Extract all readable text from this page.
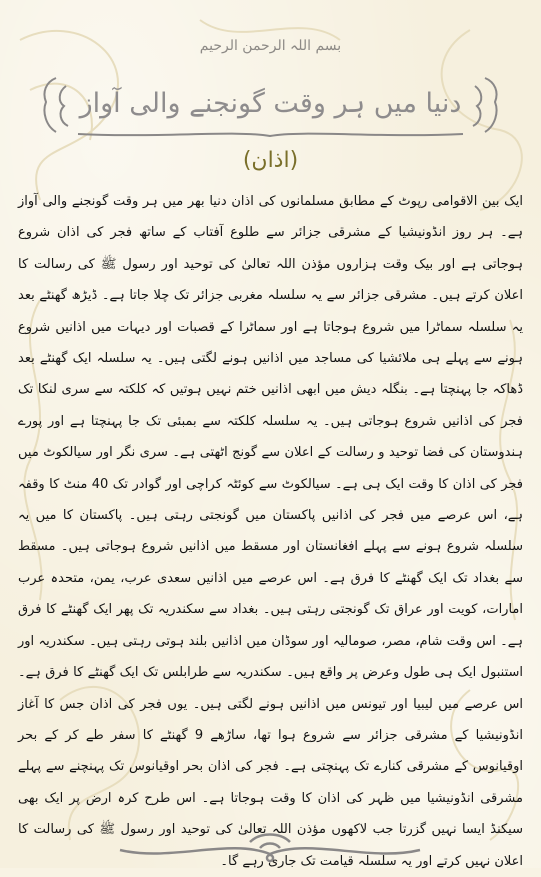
بسم اللہ الرحمن الرحیم
دنیا میں ہر وقت گونجنے والی آواز
(اذان)

ایک بین الاقوامی رپوٹ کے مطابق مسلمانوں کی اذان دنیا بھر میں ہر وقت گونجنے والی آواز ہے۔ ہر روز انڈونیشیا کے مشرقی جزائر سے طلوع آفتاب کے ساتھ فجر کی اذان شروع ہوجاتی ہے اور بیک وقت ہزاروں مؤذن اللہ تعالیٰ کی توحید اور رسول ﷺ کی رسالت کا اعلان کرتے ہیں۔ مشرقی جزائر سے یہ سلسلہ مغربی جزائر تک چلا جاتا ہے۔ ڈیڑھ گھنٹے بعد یہ سلسلہ سماٹرا میں شروع ہوجاتا ہے اور سماٹرا کے قصبات اور دیہات میں اذانیں شروع ہونے سے پہلے ہی ملائشیا کی مساجد میں اذانیں ہونے لگتی ہیں۔ یہ سلسلہ ایک گھنٹے بعد ڈھاکہ جا پہنچتا ہے۔ بنگلہ دیش میں ابھی اذانیں ختم نہیں ہوتیں کہ کلکتہ سے سری لنکا تک فجر کی اذانیں شروع ہوجاتی ہیں۔ یہ سلسلہ کلکتہ سے بمبئی تک جا پہنچتا ہے اور پورے ہندوستان کی فضا توحید و رسالت کے اعلان سے گونج اٹھتی ہے۔ سری نگر اور سیالکوٹ میں فجر کی اذان کا وقت ایک ہی ہے۔ سیالکوٹ سے کوئٹہ کراچی اور گوادر تک 40 منٹ کا وقفہ ہے، اس عرصے میں فجر کی اذانیں پاکستان میں گونجتی رہتی ہیں۔ پاکستان کا میں یہ سلسلہ شروع ہونے سے پہلے افغانستان اور مسقط میں اذانیں شروع ہوجاتی ہیں۔ مسقط سے بغداد تک ایک گھنٹے کا فرق ہے۔ اس عرصے میں اذانیں سعدی عرب، یمن، متحدہ عرب امارات، کویت اور عراق تک گونجتی رہتی ہیں۔ بغداد سے سکندریہ تک پھر ایک گھنٹے کا فرق ہے۔ اس وقت شام، مصر، صومالیہ اور سوڈان میں اذانیں بلند ہوتی رہتی ہیں۔ سکندریہ اور استنبول ایک ہی طول وعرض پر واقع ہیں۔ سکندریہ سے طرابلس تک ایک گھنٹے کا فرق ہے۔ اس عرصے میں لیبیا اور تیونس میں اذانیں ہونے لگتی ہیں۔ یوں فجر کی اذان جس کا آغاز انڈونیشیا کے مشرقی جزائر سے شروع ہوا تھا، ساڑھے 9 گھنٹے کا سفر طے کر کے بحر اوقیانوس کے مشرقی کنارے تک پہنچتی ہے۔ فجر کی اذان بحر اوقیانوس تک پہنچنے سے پہلے مشرقی انڈونیشیا میں ظہر کی اذان کا وقت ہوجاتا ہے۔ اس طرح کرہ ارض پر ایک بھی سیکنڈ ایسا نہیں گزرتا جب لاکھوں مؤذن اللہ تعالیٰ کی توحید اور رسول ﷺ کی رسالت کا اعلان نہیں کرتے اور یہ سلسلہ قیامت تک جاری رہے گا۔
